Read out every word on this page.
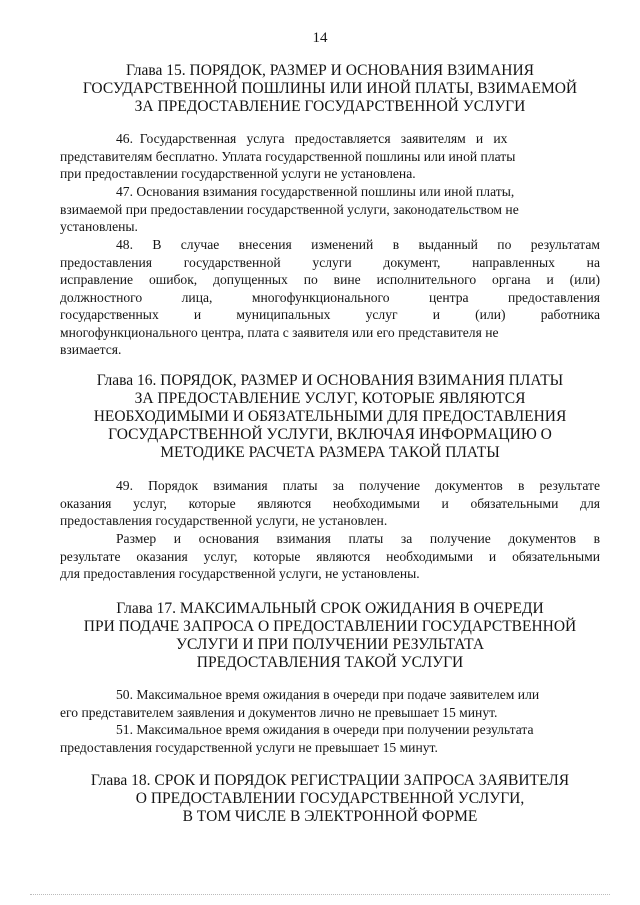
14
Глава 15. ПОРЯДОК, РАЗМЕР И ОСНОВАНИЯ ВЗИМАНИЯ
ГОСУДАРСТВЕННОЙ ПОШЛИНЫ ИЛИ ИНОЙ ПЛАТЫ, ВЗИМАЕМОЙ
ЗА ПРЕДОСТАВЛЕНИЕ ГОСУДАРСТВЕННОЙ УСЛУГИ
46.  Государственная   услуга   предоставляется   заявителям   и   их
представителям бесплатно. Уплата государственной пошлины или иной платы
при предоставлении государственной услуги не установлена.
47. Основания взимания государственной пошлины или иной платы,
взимаемой при предоставлении государственной услуги, законодательством не
установлены.
48. В случае внесения изменений в выданный по результатам
предоставления государственной услуги документ, направленных на
исправление ошибок, допущенных по вине исполнительного органа и (или)
должностного лица, многофункционального центра предоставления
государственных и муниципальных услуг и (или) работника
многофункционального центра, плата с заявителя или его представителя не
взимается.
Глава 16. ПОРЯДОК, РАЗМЕР И ОСНОВАНИЯ ВЗИМАНИЯ ПЛАТЫ
ЗА ПРЕДОСТАВЛЕНИЕ УСЛУГ, КОТОРЫЕ ЯВЛЯЮТСЯ
НЕОБХОДИМЫМИ И ОБЯЗАТЕЛЬНЫМИ ДЛЯ ПРЕДОСТАВЛЕНИЯ
ГОСУДАРСТВЕННОЙ УСЛУГИ, ВКЛЮЧАЯ ИНФОРМАЦИЮ О
МЕТОДИКЕ РАСЧЕТА РАЗМЕРА ТАКОЙ ПЛАТЫ
49. Порядок взимания платы за получение документов в результате
оказания услуг, которые являются необходимыми и обязательными для
предоставления государственной услуги, не установлен.
Размер и основания взимания платы за получение документов в
результате оказания услуг, которые являются необходимыми и обязательными
для предоставления государственной услуги, не установлены.
Глава 17. МАКСИМАЛЬНЫЙ СРОК ОЖИДАНИЯ В ОЧЕРЕДИ
ПРИ ПОДАЧЕ ЗАПРОСА О ПРЕДОСТАВЛЕНИИ ГОСУДАРСТВЕННОЙ
УСЛУГИ И ПРИ ПОЛУЧЕНИИ РЕЗУЛЬТАТА
ПРЕДОСТАВЛЕНИЯ ТАКОЙ УСЛУГИ
50. Максимальное время ожидания в очереди при подаче заявителем или
его представителем заявления и документов лично не превышает 15 минут.
51. Максимальное время ожидания в очереди при получении результата
предоставления государственной услуги не превышает 15 минут.
Глава 18. СРОК И ПОРЯДОК РЕГИСТРАЦИИ ЗАПРОСА ЗАЯВИТЕЛЯ
О ПРЕДОСТАВЛЕНИИ ГОСУДАРСТВЕННОЙ УСЛУГИ,
В ТОМ ЧИСЛЕ В ЭЛЕКТРОННОЙ ФОРМЕ
